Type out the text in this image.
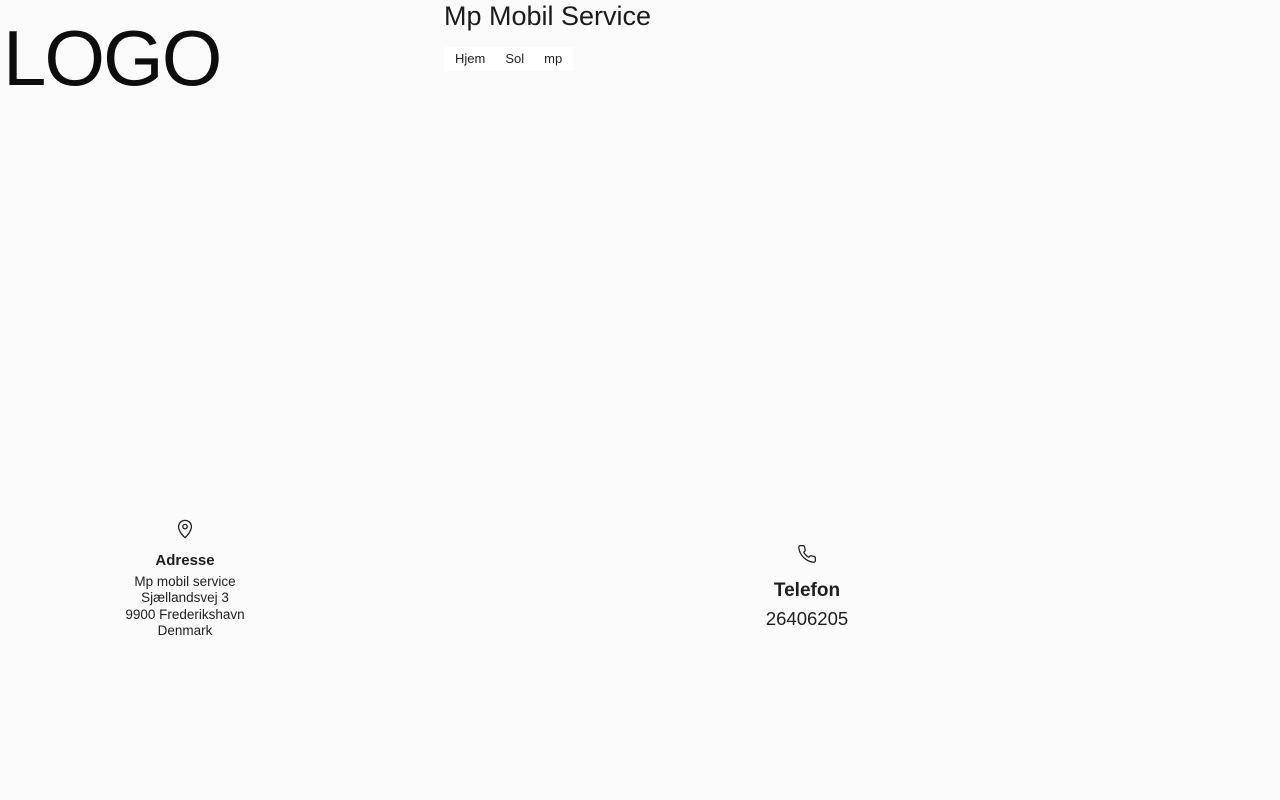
LOGO	Mp Mobil Service
Hjem Sol mp
Adresse
Mp mobil service
Sjællandsvej 3
9900 Frederikshavn
Denmark
Telefon
26406205
